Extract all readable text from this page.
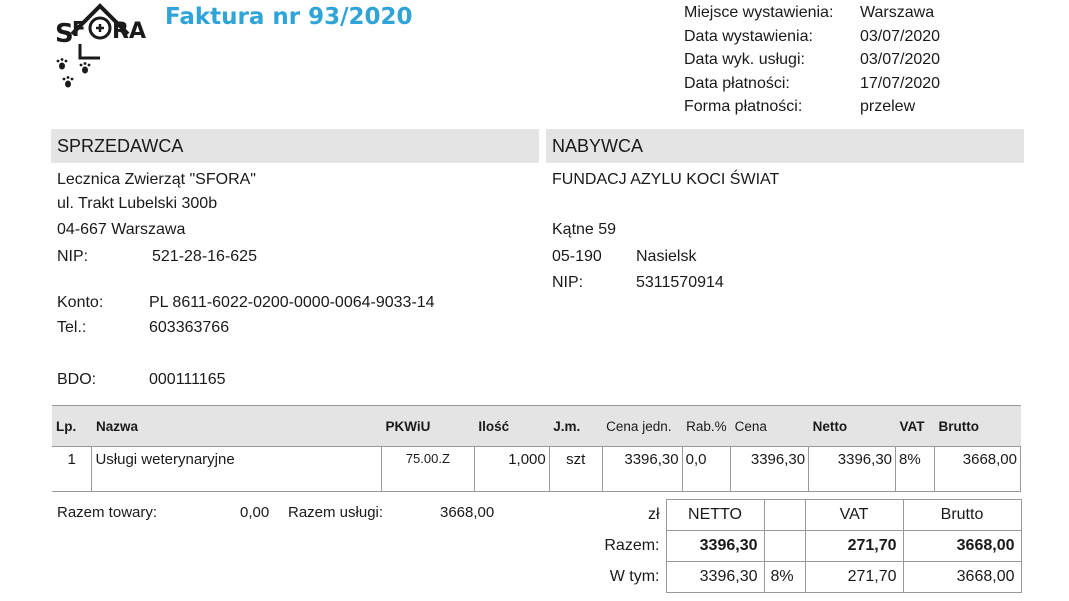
S
F RA
Faktura nr 93/2020	Miejsce wystawienia:	Warszawa
Data wystawienia:	03/07/2020
Data wyk. usługi:	03/07/2020
Data płatności:	17/07/2020
Forma płatności:	przelew
SPRZEDAWCA	NABYWCA
Lecznica Zwierząt "SFORA"
ul. Trakt Lubelski 300b
04-667 Warszawa
NIP:	521-28-16-625
Konto:	PL 8611-6022-0200-0000-0064-9033-14
Tel.:	603363766
BDO:	000111165
FUNDACJ AZYLU KOCI ŚWIAT
Kątne 59
05-190 Nasielsk
NIP:	5311570914
Lp.	Nazwa	PKWiU	Ilość	J.m.	Cena jedn.	Rab.%	Cena	Netto	VAT	Brutto
1	Usługi weterynaryjne	75.00.Z	1,000	szt	3396,30	0,0	3396,30	3396,30	8%	3668,00
Razem towary:	0,00 Razem usługi:	3668,00	zł	NETTO		VAT	Brutto
Razem:	3396,30		271,70	3668,00
W tym:	3396,30	8%	271,70	3668,00
